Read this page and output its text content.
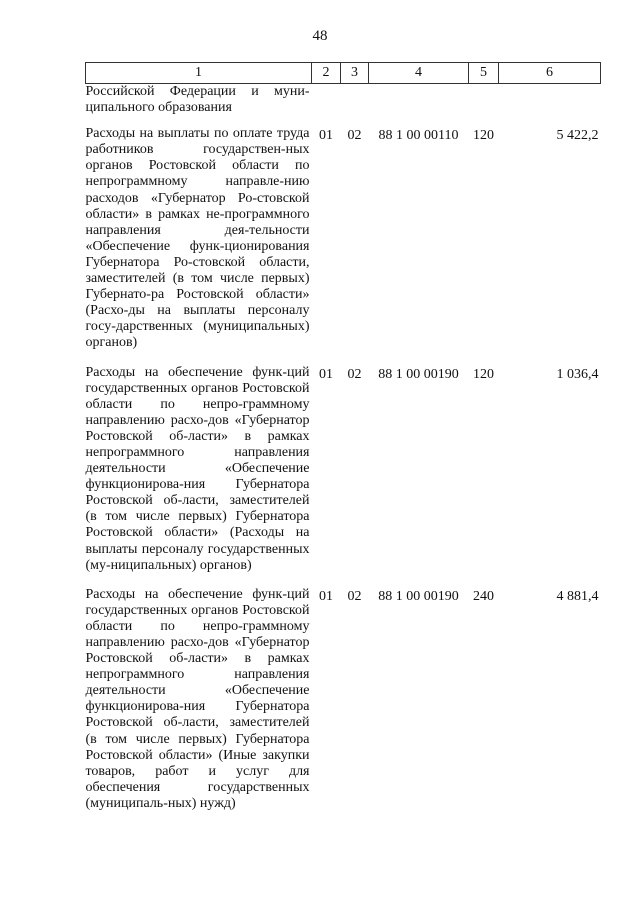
48
1	2	3	4	5	6
Российской Федерации и муни-ципального образования					
Расходы на выплаты по оплате труда работников государствен-ных органов Ростовской области по непрограммному направле-нию расходов «Губернатор Ро-стовской области» в рамках не-программного направления дея-тельности «Обеспечение функ-ционирования Губернатора Ро-стовской области, заместителей (в том числе первых) Губернато-ра Ростовской области» (Расхо-ды на выплаты персоналу госу-дарственных (муниципальных) органов)	01	02	88 1 00 00110	120	5 422,2
Расходы на обеспечение функ-ций государственных органов Ростовской области по непро-граммному направлению расхо-дов «Губернатор Ростовской об-ласти» в рамках непрограммного направления деятельности «Обеспечение функционирова-ния Губернатора Ростовской об-ласти, заместителей (в том числе первых) Губернатора Ростовской области» (Расходы на выплаты персоналу государственных (му-ниципальных) органов)	01	02	88 1 00 00190	120	1 036,4
Расходы на обеспечение функ-ций государственных органов Ростовской области по непро-граммному направлению расхо-дов «Губернатор Ростовской об-ласти» в рамках непрограммного направления деятельности «Обеспечение функционирова-ния Губернатора Ростовской об-ласти, заместителей (в том числе первых) Губернатора Ростовской области» (Иные закупки товаров, работ и услуг для обеспечения государственных (муниципаль-ных) нужд)	01	02	88 1 00 00190	240	4 881,4
